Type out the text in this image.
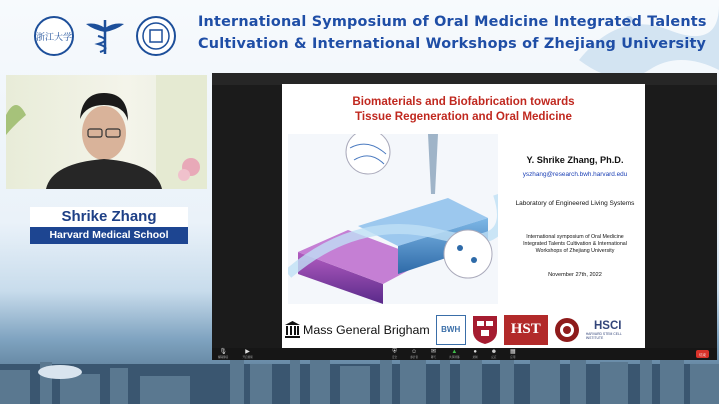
浙江大学
International Symposium of Oral Medicine Integrated Talents
Cultivation & International Workshops of Zhejiang University
Shrike Zhang
Harvard Medical School
Biomaterials and Biofabrication towards
Tissue Regeneration and Oral Medicine
Y. Shrike Zhang, Ph.D.
yszhang@research.bwh.harvard.edu
Laboratory of Engineered Living Systems
International symposium of Oral Medicine
Integrated Talents Cultivation & International
Workshops of Zhejiang University
November 27th, 2022
Mass General Brigham	BWH	HST	HSCI
HARVARD STEM CELL INSTITUTE
🎙
解除静音
▶
开启视频
⛨
安全
☺
参会者
✉
聊天
▲
共享屏幕
●
录制
☻
反应
▦
应用
结束
